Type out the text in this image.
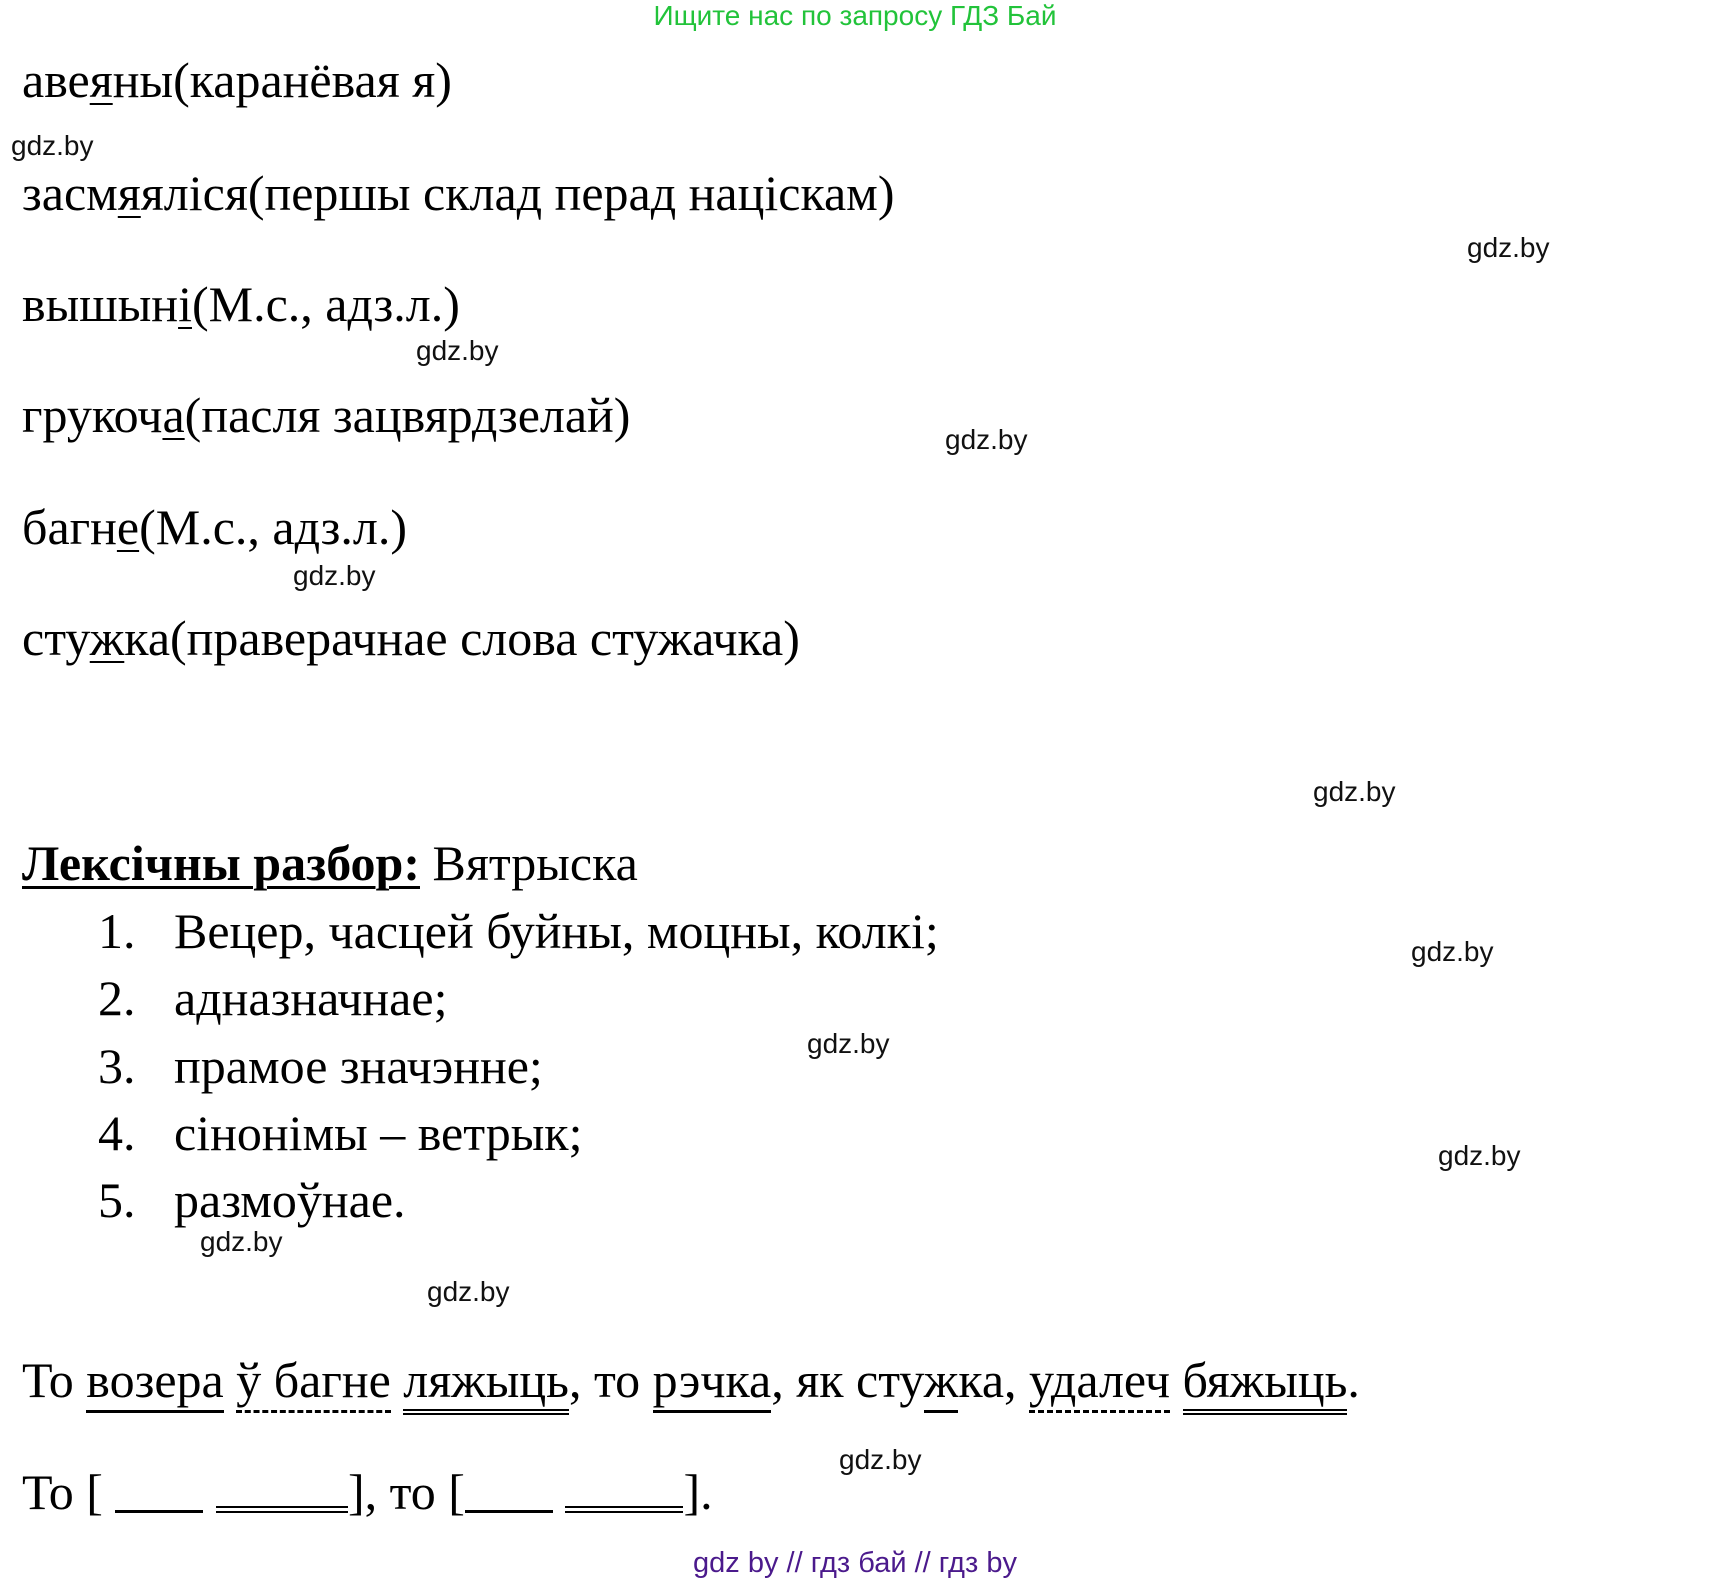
Ищите нас по запросу ГДЗ Бай
авеяны(каранёвая я)
засмяяліся(першы склад перад націскам)
вышыні(М.с., адз.л.)
грукоча(пасля зацвярдзелай)
багне(М.с., адз.л.)
стужка(праверачнае слова стужачка)
Лексічны разбор: Вятрыска
1. Вецер, часцей буйны, моцны, колкі;
2. аднaзначнае;
3. прамое значэнне;
4. сінонімы – ветрык;
5. размоўнае.
То возера ў багне ляжыць, то рэчка, як стужка, удалеч бяжыць.
То [	], то [	].
gdz.by
gdz.by
gdz.by
gdz.by
gdz.by
gdz.by
gdz.by
gdz.by
gdz.by
gdz.by
gdz.by
gdz.by
gdz by // гдз бай // гдз by
